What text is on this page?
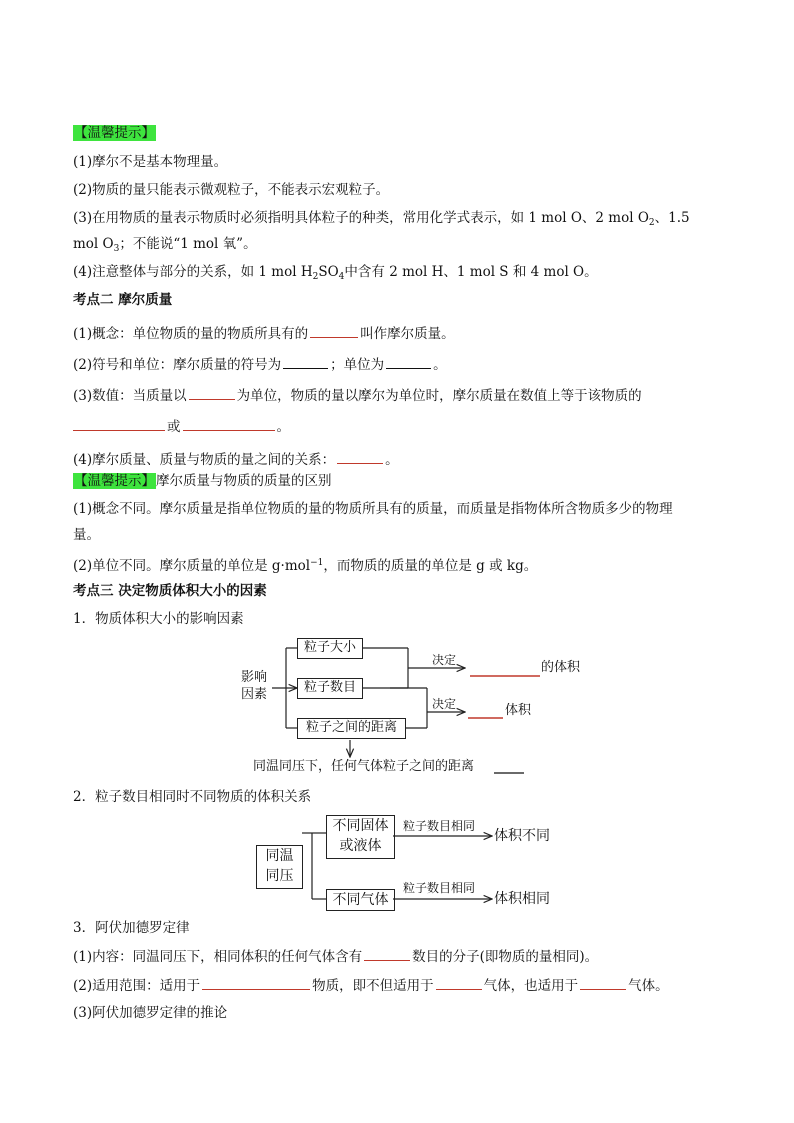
【温馨提示】
(1)摩尔不是基本物理量。
(2)物质的量只能表示微观粒子，不能表示宏观粒子。
(3)在用物质的量表示物质时必须指明具体粒子的种类，常用化学式表示，如 1 mol O、2 mol $O_2$、1.5
mol $O_3$；不能说“1 mol 氧”。
(4)注意整体与部分的关系，如 1 mol $H_2SO_4$中含有 2 mol H、1 mol S 和 4 mol O。
考点二 摩尔质量
(1)概念：单位物质的量的物质所具有的	叫作摩尔质量。
(2)符号和单位：摩尔质量的符号为	；单位为	。
(3)数值：当质量以	为单位，物质的量以摩尔为单位时，摩尔质量在数值上等于该物质的
或	。
(4)摩尔质量、质量与物质的量之间的关系：	。
【温馨提示】摩尔质量与物质的质量的区别
(1)概念不同。摩尔质量是指单位物质的量的物质所具有的质量，而质量是指物体所含物质多少的物理
量。
(2)单位不同。摩尔质量的单位是 g·mol$^{-1}$，而物质的质量的单位是 g 或 kg。
考点三 决定物质体积大小的因素
1．物质体积大小的影响因素
影响
因素
粒子大小
粒子数目
粒子之间的距离
决定
决定
的体积
体积
同温同压下，任何气体粒子之间的距离
2．粒子数目相同时不同物质的体积关系
同温
同压
不同固体
或液体
不同气体
粒子数目相同
粒子数目相同
体积不同
体积相同
3．阿伏加德罗定律
(1)内容：同温同压下，相同体积的任何气体含有	数目的分子(即物质的量相同)。
(2)适用范围：适用于	物质，即不但适用于	气体，也适用于	气体。
(3)阿伏加德罗定律的推论
